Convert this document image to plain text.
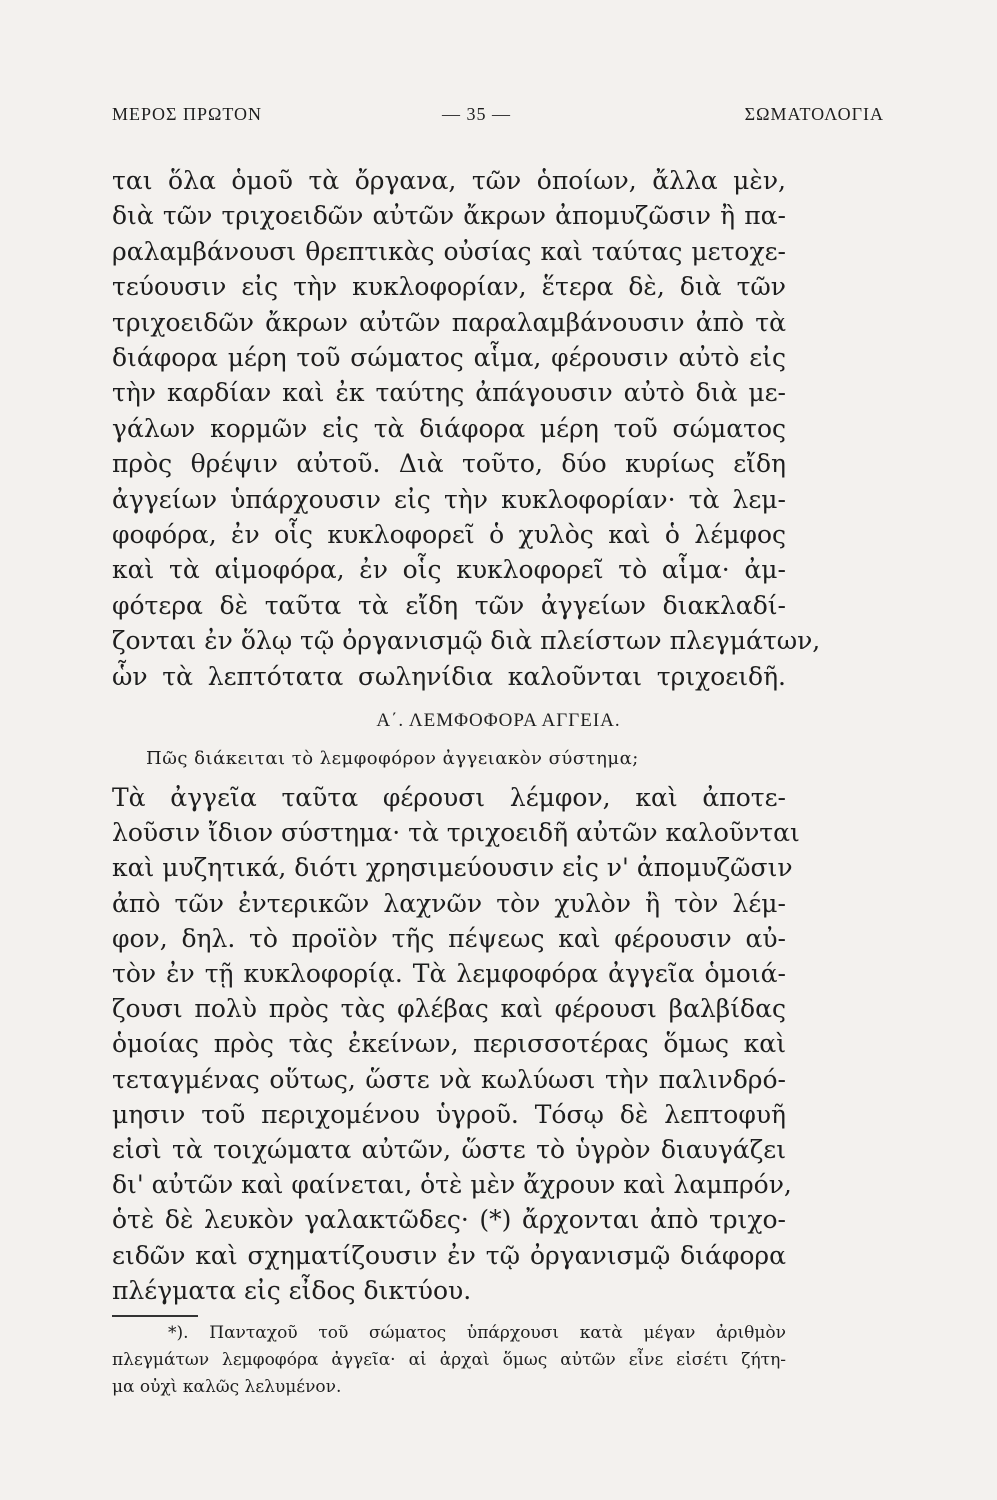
ΜΕΡΟΣ ΠΡΩΤΟΝ	— 35 —	ΣΩΜΑΤΟΛΟΓΙΑ
ται ὅλα ὁμοῦ τὰ ὄργανα, τῶν ὁποίων, ἄλλα μὲν,
διὰ τῶν τριχοειδῶν αὐτῶν ἄκρων ἀπομυζῶσιν ἢ πα-
ραλαμβάνουσι θρεπτικὰς οὐσίας καὶ ταύτας μετοχε-
τεύουσιν εἰς τὴν κυκλοφορίαν, ἕτερα δὲ, διὰ τῶν
τριχοειδῶν ἄκρων αὐτῶν παραλαμβάνουσιν ἀπὸ τὰ
διάφορα μέρη τοῦ σώματος αἷμα, φέρουσιν αὐτὸ εἰς
τὴν καρδίαν καὶ ἐκ ταύτης ἀπάγουσιν αὐτὸ διὰ με-
γάλων κορμῶν εἰς τὰ διάφορα μέρη τοῦ σώματος
πρὸς θρέψιν αὐτοῦ. Διὰ τοῦτο, δύο κυρίως εἴδη
ἀγγείων ὑπάρχουσιν εἰς τὴν κυκλοφορίαν· τὰ λεμ-
φοφόρα, ἐν οἷς κυκλοφορεῖ ὁ χυλὸς καὶ ὁ λέμφος
καὶ τὰ αἱμοφόρα, ἐν οἷς κυκλοφορεῖ τὸ αἷμα· ἀμ-
φότερα δὲ ταῦτα τὰ εἴδη τῶν ἀγγείων διακλαδί-
ζονται ἐν ὅλῳ τῷ ὀργανισμῷ διὰ πλείστων πλεγμάτων,
ὧν τὰ λεπτότατα σωληνίδια καλοῦνται τριχοειδῆ.
Α΄. ΛΕΜΦΟΦΟΡΑ ΑΓΓΕΙΑ.
Πῶς διάκειται τὸ λεμφοφόρον ἀγγειακὸν σύστημα;
Τὰ ἀγγεῖα ταῦτα φέρουσι λέμφον, καὶ ἀποτε-
λοῦσιν ἴδιον σύστημα· τὰ τριχοειδῆ αὐτῶν καλοῦνται
καὶ μυζητικά, διότι χρησιμεύουσιν εἰς ν' ἀπομυζῶσιν
ἀπὸ τῶν ἐντερικῶν λαχνῶν τὸν χυλὸν ἢ τὸν λέμ-
φον, δηλ. τὸ προϊὸν τῆς πέψεως καὶ φέρουσιν αὐ-
τὸν ἐν τῇ κυκλοφορίᾳ. Τὰ λεμφοφόρα ἀγγεῖα ὁμοιά-
ζουσι πολὺ πρὸς τὰς φλέβας καὶ φέρουσι βαλβίδας
ὁμοίας πρὸς τὰς ἐκείνων, περισσοτέρας ὅμως καὶ
τεταγμένας οὕτως, ὥστε νὰ κωλύωσι τὴν παλινδρό-
μησιν τοῦ περιχομένου ὑγροῦ. Τόσῳ δὲ λεπτοφυῆ
εἰσὶ τὰ τοιχώματα αὐτῶν, ὥστε τὸ ὑγρὸν διαυγάζει
δι' αὐτῶν καὶ φαίνεται, ὁτὲ μὲν ἄχρουν καὶ λαμπρόν,
ὁτὲ δὲ λευκὸν γαλακτῶδες· (*) ἄρχονται ἀπὸ τριχο-
ειδῶν καὶ σχηματίζουσιν ἐν τῷ ὀργανισμῷ διάφορα
πλέγματα εἰς εἶδος δικτύου.
*). Πανταχοῦ τοῦ σώματος ὑπάρχουσι κατὰ μέγαν ἀριθμὸν
πλεγμάτων λεμφοφόρα ἀγγεῖα· αἱ ἀρχαὶ ὅμως αὐτῶν εἶνε εἰσέτι ζήτη-
μα οὐχὶ καλῶς λελυμένον.
